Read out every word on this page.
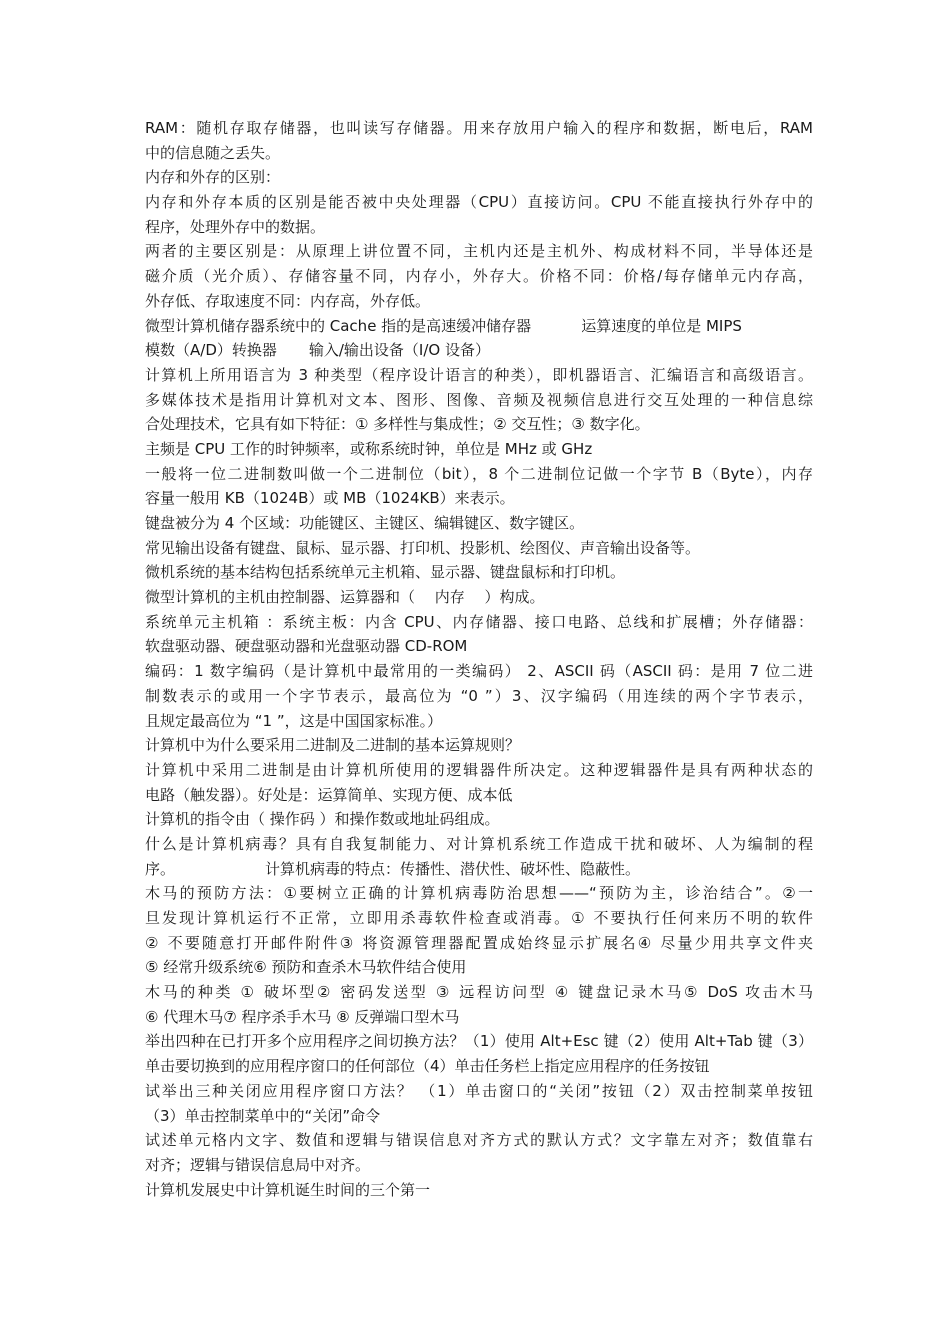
RAM：随机存取存储器，也叫读写存储器。用来存放用户输入的程序和数据，断电后，RAM
中的信息随之丢失。
内存和外存的区别：
内存和外存本质的区别是能否被中央处理器（CPU）直接访问。CPU 不能直接执行外存中的
程序，处理外存中的数据。
两者的主要区别是：从原理上讲位置不同，主机内还是主机外、构成材料不同，半导体还是
磁介质（光介质）、存储容量不同，内存小，外存大。价格不同：价格/每存储单元内存高，
外存低、存取速度不同：内存高，外存低。
微型计算机储存器系统中的 Cache 指的是高速缓冲储存器	运算速度的单位是 MIPS
模数（A/D）转换器 输入/输出设备（I/O 设备）
计算机上所用语言为 3 种类型（程序设计语言的种类），即机器语言、汇编语言和高级语言。
多媒体技术是指用计算机对文本、图形、图像、音频及视频信息进行交互处理的一种信息综
合处理技术，它具有如下特征：① 多样性与集成性；② 交互性；③ 数字化。
主频是 CPU 工作的时钟频率，或称系统时钟，单位是 MHz 或 GHz
一般将一位二进制数叫做一个二进制位（bit），8 个二进制位记做一个字节 B（Byte），内存
容量一般用 KB（1024B）或 MB（1024KB）来表示。
键盘被分为 4 个区域：功能键区、主键区、编辑键区、数字键区。
常见输出设备有键盘、鼠标、显示器、打印机、投影机、绘图仪、声音输出设备等。
微机系统的基本结构包括系统单元主机箱、显示器、键盘鼠标和打印机。
微型计算机的主机由控制器、运算器和（　 内存　 ）构成。
系统单元主机箱 ：系统主板：内含 CPU、内存储器、接口电路、总线和扩展槽；外存储器：
软盘驱动器、硬盘驱动器和光盘驱动器 CD-ROM
编码：1 数字编码（是计算机中最常用的一类编码） 2、ASCII 码（ASCII 码：是用 7 位二进
制数表示的或用一个字节表示，最高位为 “0 ”）3、汉字编码（用连续的两个字节表示，
且规定最高位为 “1 ”，这是中国国家标准。）
计算机中为什么要采用二进制及二进制的基本运算规则？
计算机中采用二进制是由计算机所使用的逻辑器件所决定。这种逻辑器件是具有两种状态的
电路（触发器）。好处是：运算简单、实现方便、成本低
计算机的指令由（ 操作码 ）和操作数或地址码组成。
什么是计算机病毒？具有自我复制能力、对计算机系统工作造成干扰和破坏、人为编制的程
序。	计算机病毒的特点：传播性、潜伏性、破坏性、隐蔽性。
木马的预防方法：①要树立正确的计算机病毒防治思想——“预防为主，诊治结合”。②一
旦发现计算机运行不正常，立即用杀毒软件检查或消毒。① 不要执行任何来历不明的软件
② 不要随意打开邮件附件③ 将资源管理器配置成始终显示扩展名④ 尽量少用共享文件夹
⑤ 经常升级系统⑥ 预防和查杀木马软件结合使用
木马的种类 ① 破坏型② 密码发送型 ③ 远程访问型 ④ 键盘记录木马⑤ DoS 攻击木马
⑥ 代理木马⑦ 程序杀手木马 ⑧ 反弹端口型木马
举出四种在已打开多个应用程序之间切换方法？（1）使用 Alt+Esc 键（2）使用 Alt+Tab 键（3）
单击要切换到的应用程序窗口的任何部位（4）单击任务栏上指定应用程序的任务按钮
试举出三种关闭应用程序窗口方法？ （1）单击窗口的“关闭”按钮（2）双击控制菜单按钮
（3）单击控制菜单中的“关闭”命令
试述单元格内文字、数值和逻辑与错误信息对齐方式的默认方式？文字靠左对齐；数值靠右
对齐；逻辑与错误信息局中对齐。
计算机发展史中计算机诞生时间的三个第一
